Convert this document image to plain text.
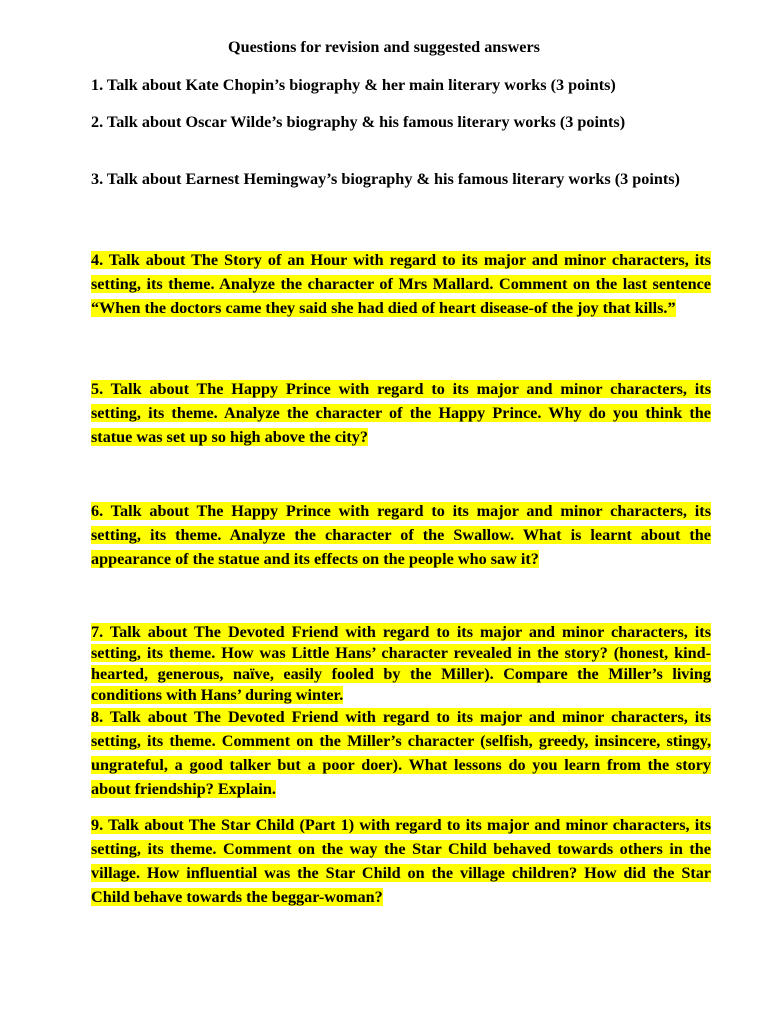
Questions for revision and suggested answers

1. Talk about Kate Chopin’s biography & her main literary works (3 points)

2. Talk about Oscar Wilde’s biography & his famous literary works (3 points)

3. Talk about Earnest Hemingway’s biography & his famous literary works (3 points)

4. Talk about The Story of an Hour with regard to its major and minor characters, its setting, its theme. Analyze the character of Mrs Mallard. Comment on the last sentence “When the doctors came they said she had died of heart disease-of the joy that kills.”

5. Talk about The Happy Prince with regard to its major and minor characters, its setting, its theme. Analyze the character of the Happy Prince. Why do you think the statue was set up so high above the city?

6. Talk about The Happy Prince with regard to its major and minor characters, its setting, its theme. Analyze the character of the Swallow. What is learnt about the appearance of the statue and its effects on the people who saw it?

7. Talk about The Devoted Friend with regard to its major and minor characters, its setting, its theme. How was Little Hans’ character revealed in the story? (honest, kind-hearted, generous, naïve, easily fooled by the Miller). Compare the Miller’s living conditions with Hans’ during winter.

8. Talk about The Devoted Friend with regard to its major and minor characters, its setting, its theme. Comment on the Miller’s character (selfish, greedy, insincere, stingy, ungrateful, a good talker but a poor doer). What lessons do you learn from the story about friendship? Explain.

9. Talk about The Star Child (Part 1) with regard to its major and minor characters, its setting, its theme. Comment on the way the Star Child behaved towards others in the village. How influential was the Star Child on the village children? How did the Star Child behave towards the beggar-woman?
